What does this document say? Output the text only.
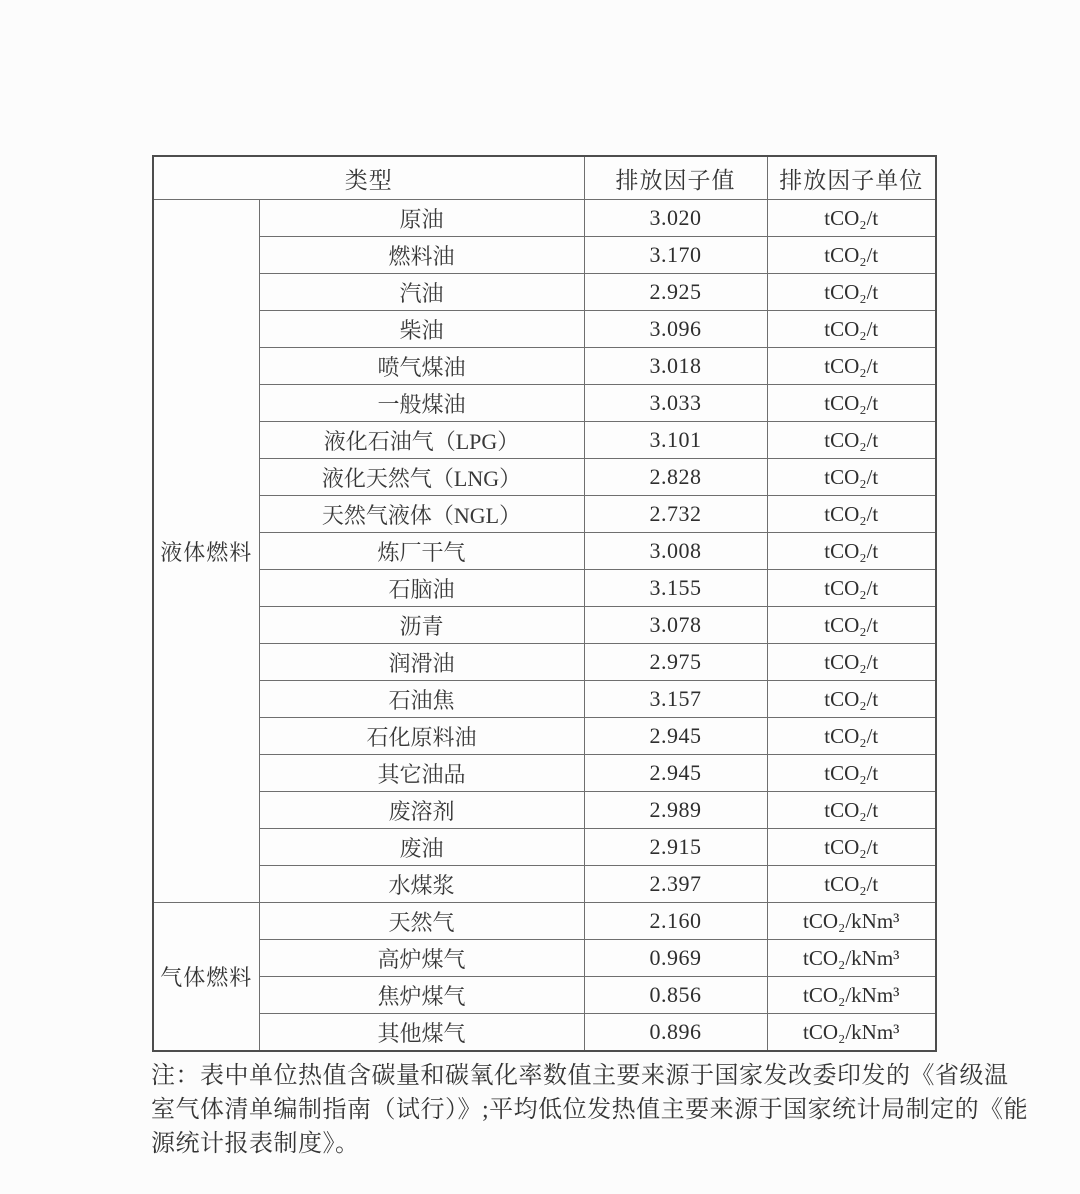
类型		排放因子值	排放因子单位
液体燃料	原油	3.020	tCO₂/t
	燃料油	3.170	tCO₂/t
	汽油	2.925	tCO₂/t
	柴油	3.096	tCO₂/t
	喷气煤油	3.018	tCO₂/t
	一般煤油	3.033	tCO₂/t
	液化石油气（LPG）	3.101	tCO₂/t
	液化天然气（LNG）	2.828	tCO₂/t
	天然气液体（NGL）	2.732	tCO₂/t
	炼厂干气	3.008	tCO₂/t
	石脑油	3.155	tCO₂/t
	沥青	3.078	tCO₂/t
	润滑油	2.975	tCO₂/t
	石油焦	3.157	tCO₂/t
	石化原料油	2.945	tCO₂/t
	其它油品	2.945	tCO₂/t
	废溶剂	2.989	tCO₂/t
	废油	2.915	tCO₂/t
	水煤浆	2.397	tCO₂/t
气体燃料	天然气	2.160	tCO₂/kNm³
	高炉煤气	0.969	tCO₂/kNm³
	焦炉煤气	0.856	tCO₂/kNm³
	其他煤气	0.896	tCO₂/kNm³
注：表中单位热值含碳量和碳氧化率数值主要来源于国家发改委印发的《省级温
室气体清单编制指南（试行）》;平均低位发热值主要来源于国家统计局制定的《能
源统计报表制度》。
